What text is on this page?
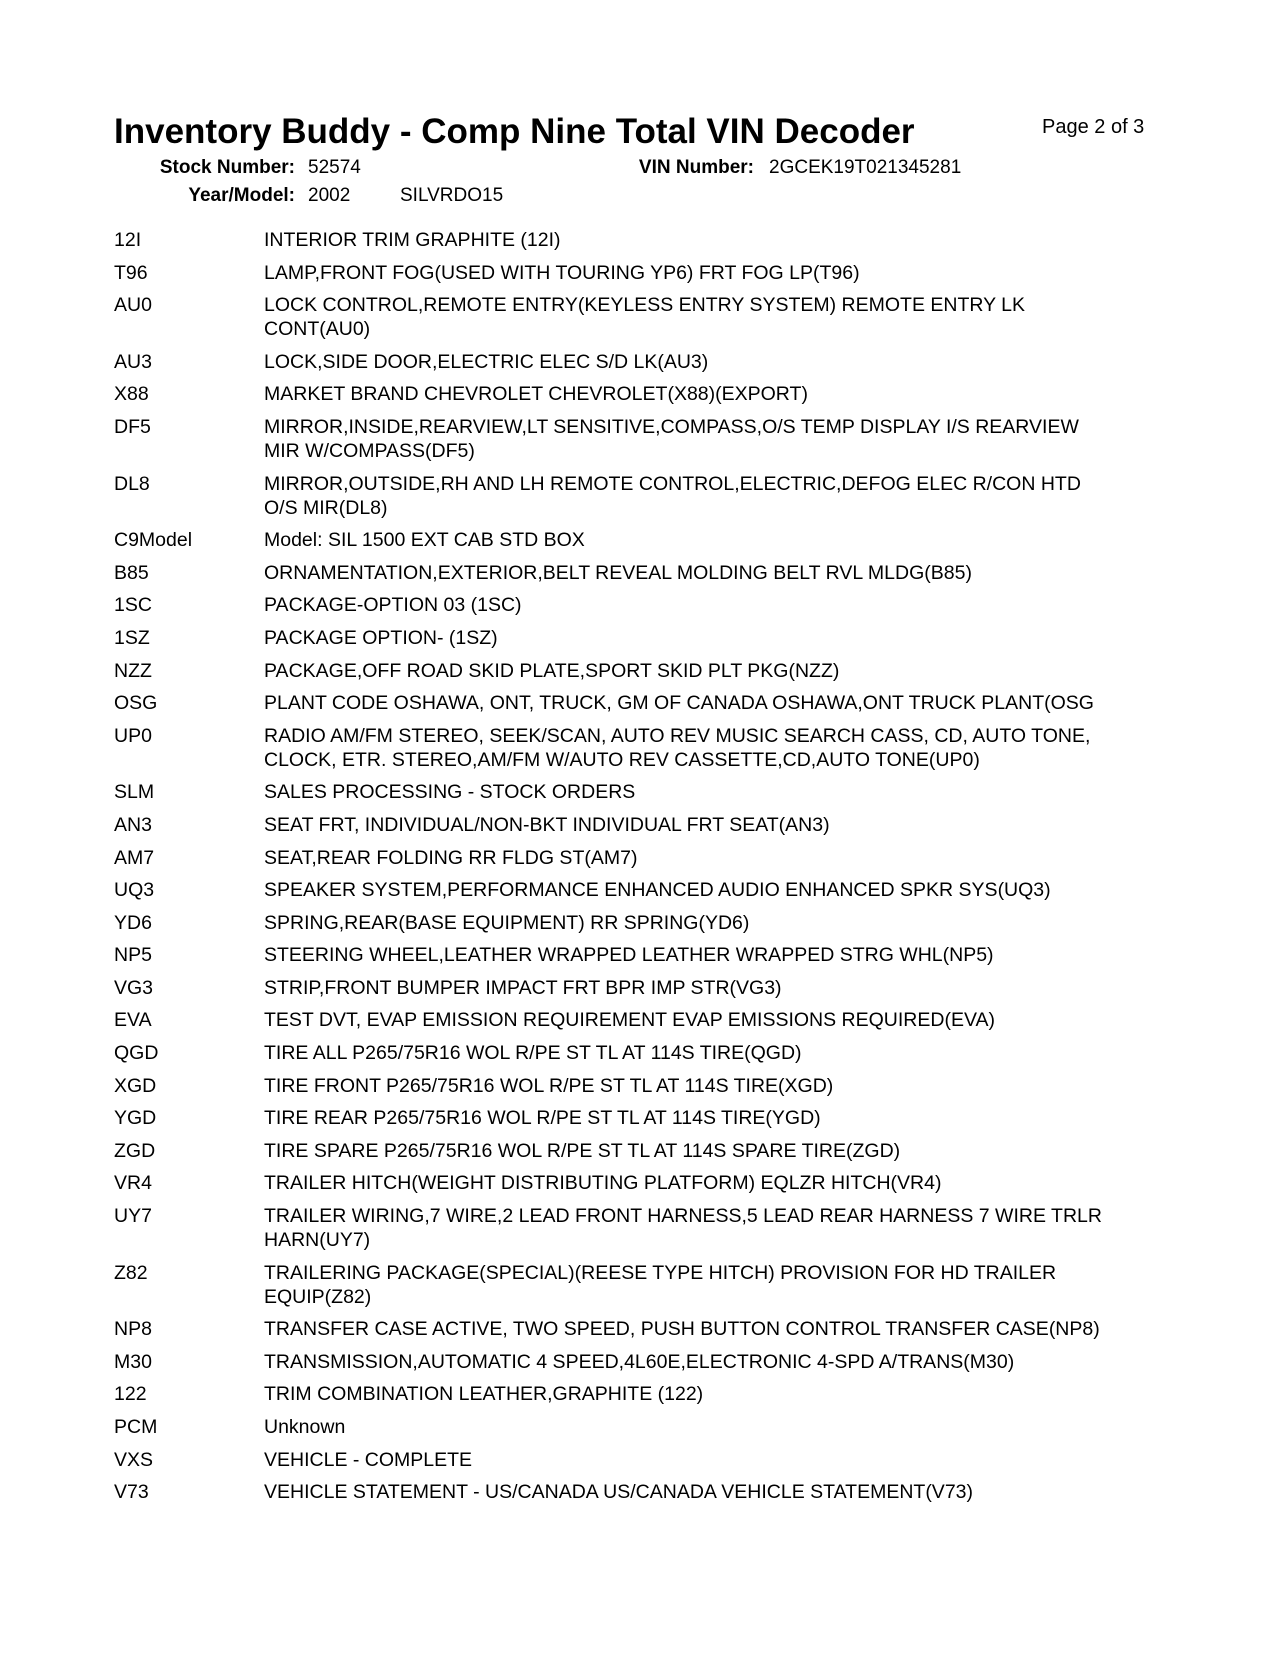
Inventory Buddy - Comp Nine Total VIN Decoder	Page 2 of 3
Stock Number: 52574	VIN Number: 2GCEK19T021345281
Year/Model: 2002	SILVRDO15
12I	INTERIOR TRIM GRAPHITE (12I)
T96	LAMP,FRONT FOG(USED WITH TOURING YP6) FRT FOG LP(T96)
AU0	LOCK CONTROL,REMOTE ENTRY(KEYLESS ENTRY SYSTEM) REMOTE ENTRY LK
CONT(AU0)
AU3	LOCK,SIDE DOOR,ELECTRIC ELEC S/D LK(AU3)
X88	MARKET BRAND CHEVROLET CHEVROLET(X88)(EXPORT)
DF5	MIRROR,INSIDE,REARVIEW,LT SENSITIVE,COMPASS,O/S TEMP DISPLAY I/S REARVIEW
MIR W/COMPASS(DF5)
DL8	MIRROR,OUTSIDE,RH AND LH REMOTE CONTROL,ELECTRIC,DEFOG ELEC R/CON HTD
O/S MIR(DL8)
C9Model	Model: SIL 1500 EXT CAB STD BOX
B85	ORNAMENTATION,EXTERIOR,BELT REVEAL MOLDING BELT RVL MLDG(B85)
1SC	PACKAGE-OPTION 03 (1SC)
1SZ	PACKAGE OPTION- (1SZ)
NZZ	PACKAGE,OFF ROAD SKID PLATE,SPORT SKID PLT PKG(NZZ)
OSG	PLANT CODE OSHAWA, ONT, TRUCK, GM OF CANADA OSHAWA,ONT TRUCK PLANT(OSG
UP0	RADIO AM/FM STEREO, SEEK/SCAN, AUTO REV MUSIC SEARCH CASS, CD, AUTO TONE,
CLOCK, ETR. STEREO,AM/FM W/AUTO REV CASSETTE,CD,AUTO TONE(UP0)
SLM	SALES PROCESSING - STOCK ORDERS
AN3	SEAT FRT, INDIVIDUAL/NON-BKT INDIVIDUAL FRT SEAT(AN3)
AM7	SEAT,REAR FOLDING RR FLDG ST(AM7)
UQ3	SPEAKER SYSTEM,PERFORMANCE ENHANCED AUDIO ENHANCED SPKR SYS(UQ3)
YD6	SPRING,REAR(BASE EQUIPMENT) RR SPRING(YD6)
NP5	STEERING WHEEL,LEATHER WRAPPED LEATHER WRAPPED STRG WHL(NP5)
VG3	STRIP,FRONT BUMPER IMPACT FRT BPR IMP STR(VG3)
EVA	TEST DVT, EVAP EMISSION REQUIREMENT EVAP EMISSIONS REQUIRED(EVA)
QGD	TIRE ALL P265/75R16 WOL R/PE ST TL AT 114S TIRE(QGD)
XGD	TIRE FRONT P265/75R16 WOL R/PE ST TL AT 114S TIRE(XGD)
YGD	TIRE REAR P265/75R16 WOL R/PE ST TL AT 114S TIRE(YGD)
ZGD	TIRE SPARE P265/75R16 WOL R/PE ST TL AT 114S SPARE TIRE(ZGD)
VR4	TRAILER HITCH(WEIGHT DISTRIBUTING PLATFORM) EQLZR HITCH(VR4)
UY7	TRAILER WIRING,7 WIRE,2 LEAD FRONT HARNESS,5 LEAD REAR HARNESS 7 WIRE TRLR
HARN(UY7)
Z82	TRAILERING PACKAGE(SPECIAL)(REESE TYPE HITCH) PROVISION FOR HD TRAILER
EQUIP(Z82)
NP8	TRANSFER CASE ACTIVE, TWO SPEED, PUSH BUTTON CONTROL TRANSFER CASE(NP8)
M30	TRANSMISSION,AUTOMATIC 4 SPEED,4L60E,ELECTRONIC 4-SPD A/TRANS(M30)
122	TRIM COMBINATION LEATHER,GRAPHITE (122)
PCM	Unknown
VXS	VEHICLE - COMPLETE
V73	VEHICLE STATEMENT - US/CANADA US/CANADA VEHICLE STATEMENT(V73)
